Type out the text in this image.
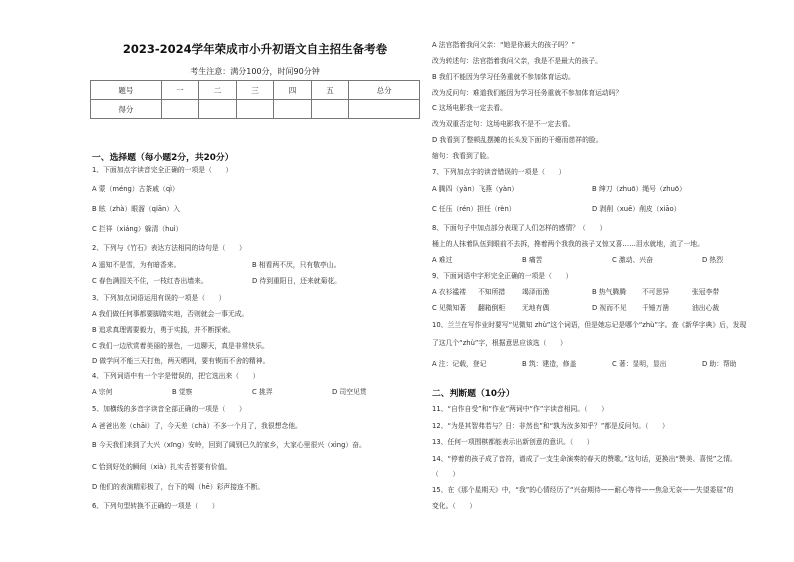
2023-2024学年荣成市小升初语文自主招生备考卷
考生注意：满分100分，时间90分钟
题号	一	二	三	四	五	总分
得分						
一、选择题（每小题2分，共20分）
1、下面加点字读音完全正确的一项是（　　）
A 蒙（méng）古茶戚（qì）
B 眩（zhà）眼溜（qiān）入
C 拦祥（xiáng）躲清（huì）
2、下列与《竹石》表达方法相同的诗句是（　　）
A 遥知不是雪，为有暗香来。	B 相看两不厌，只有敬亭山。
C 春色满园关不住，一枝红杏出墙来。	D 待到重阳日，还来就菊花。
3、下列加点词语运用有误的一项是（　　）
A 我们做任何事都要脚踏实地，否则就会一事无成。
B 追求真理需要毅力，勇于实践，并不断探索。
C 我们一边欣赏着美丽的景色，一边聊天，真是非常快乐。
D 做学问不能三天打鱼，两天晒网，要有锲而不舍的精神。
4、下列词语中有一个字是错误的，把它选出来（　　）
A 宗何	B 觉察	C 挑弄	D 司空见贯
5、加横线的多音字读音全部正确的一项是（　　）
A 爸爸出差（chāi）了，今天差（chà）不多一个月了，我很想念他。
B 今天我们来到了大兴（xīng）安岭，回到了阔别已久的家乡，大家心里很兴（xìng）奋。
C 恰到好处的瞬间（xià）扎实舌苔要有价值。
D 他们的表演精彩极了，台下的喝（hē）彩声接连不断。
6、下列句型转换不正确的一项是（　　）
A 法官指着我问父亲：“她是你最大的孩子吗？”
改为转述句：法官指着我问父亲，我是不是最大的孩子。
B 我们不能因为学习任务重就不参加体育运动。
改为反问句：难道我们能因为学习任务重就不参加体育运动吗？
C 这场电影我一定去看。
改为双重否定句：这场电影我不是不一定去看。
D 我看到了整顿乱摆摊的长头发下面的干瘪而慈祥的脸。
缩句：我看到了脸。
7、下列加点字的读音错误的一项是（　　）
A 腾四（yàn）飞燕（yàn）	B 绅刀（zhuō）绳号（zhuō）
C 任压（rén）担任（rèn）	D 剥削（xuē）削皮（xiāo）
8、下面句子中加点部分表现了人们怎样的感情？（　　）
桶上的人抹着队伍到眼前不去拆，搀着两个我我的孩子又惊又喜……泪水就地，流了一地。
A 难过	B 痛苦	C 激动、兴奋	D 热烈
9、下面词语中字形完全正确的一项是（　　）
A 衣衫褴褛 不知所措 竭泽而渔	B 热气腾腾 不可思异	张冠李带
C 见微知著 翻箱倒柜 无地有偶	D 视而不见 千锤万凿	油出心裁
10、兰兰在写作业时要写“见微知 zhù”这个词语，但是她忘记是哪个“zhù”字。查《新华字典》后，发现
了这几个“zhù”字，根据意思应该选（　　）
A 注：记载，登记	B 筑：建造，修盖	C 著：显明，显出	D 助：帮助
二、判断题（10分）
11、“自作自受”和“作业”两词中“作”字读音相同。（　　）
12、“为是其智弗若与？日：非然也”和“孰为汝多知乎？”都是反问句。（　　）
13、任何一项围棋都能表示出新创意的意识。（　　）
14、“停着的孩子成了音符，谱成了一支生命演奏的春天的赞歌。”这句话，更换出“赞美、喜悦”之情。
（　　）
15、在《那个星期天》中，“我”的心情经历了“兴奋期待——耐心等待——焦急无奈——失望委屈”的
变化。（　　）
